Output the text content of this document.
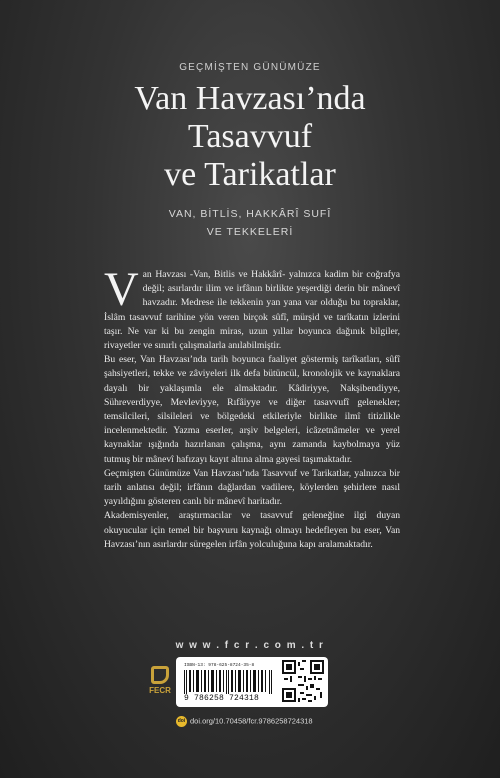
GEÇMİŞTEN GÜNÜMÜZE
Van Havzası’nda
Tasavvuf
ve Tarikatlar
VAN, BİTLİS, HAKKÂRÎ SUFÎ
VE TEKKELERİ

Van Havzası -Van, Bitlis ve Hakkârî- yalnızca kadim bir coğrafya değil; asırlardır ilim ve irfânın birlikte yeşerdiği derin bir mânevî havzadır. Medrese ile tekkenin yan yana var olduğu bu topraklar, İslâm tasavvuf tarihine yön veren birçok sûfî, mürşid ve tarîkatın izlerini taşır. Ne var ki bu zengin miras, uzun yıllar boyunca dağınık bilgiler, rivayetler ve sınırlı çalışmalarla anılabilmiştir.

Bu eser, Van Havzası’nda tarih boyunca faaliyet göstermiş tarîkatları, sûfî şahsiyetleri, tekke ve zâviyeleri ilk defa bütüncül, kronolojik ve kaynaklara dayalı bir yaklaşımla ele almaktadır. Kâdiriyye, Nakşibendiyye, Sühreverdiyye, Mevleviyye, Rıfâiyye ve diğer tasavvufî gelenekler; temsilcileri, silsileleri ve bölgedeki etkileriyle birlikte ilmî titizlikle incelenmektedir. Yazma eserler, arşiv belgeleri, icâzetnâmeler ve yerel kaynaklar ışığında hazırlanan çalışma, aynı zamanda kaybolmaya yüz tutmuş bir mânevî hafızayı kayıt altına alma gayesi taşımaktadır.

Geçmişten Günümüze Van Havzası’nda Tasavvuf ve Tarikatlar, yalnızca bir tarih anlatısı değil; irfânın dağlardan vadilere, köylerden şehirlere nasıl yayıldığını gösteren canlı bir mânevî haritadır.

Akademisyenler, araştırmacılar ve tasavvuf geleneğine ilgi duyan okuyucular için temel bir başvuru kaynağı olmayı hedefleyen bu eser, Van Havzası’nın asırlardır süregelen irfân yolculuğuna kapı aralamaktadır.

w w w . f c r . c o m . t r
FECR
ISBN-13: 978-625-8724-35-8
9 786258 724318
doi doi.org/10.70458/fcr.9786258724318
